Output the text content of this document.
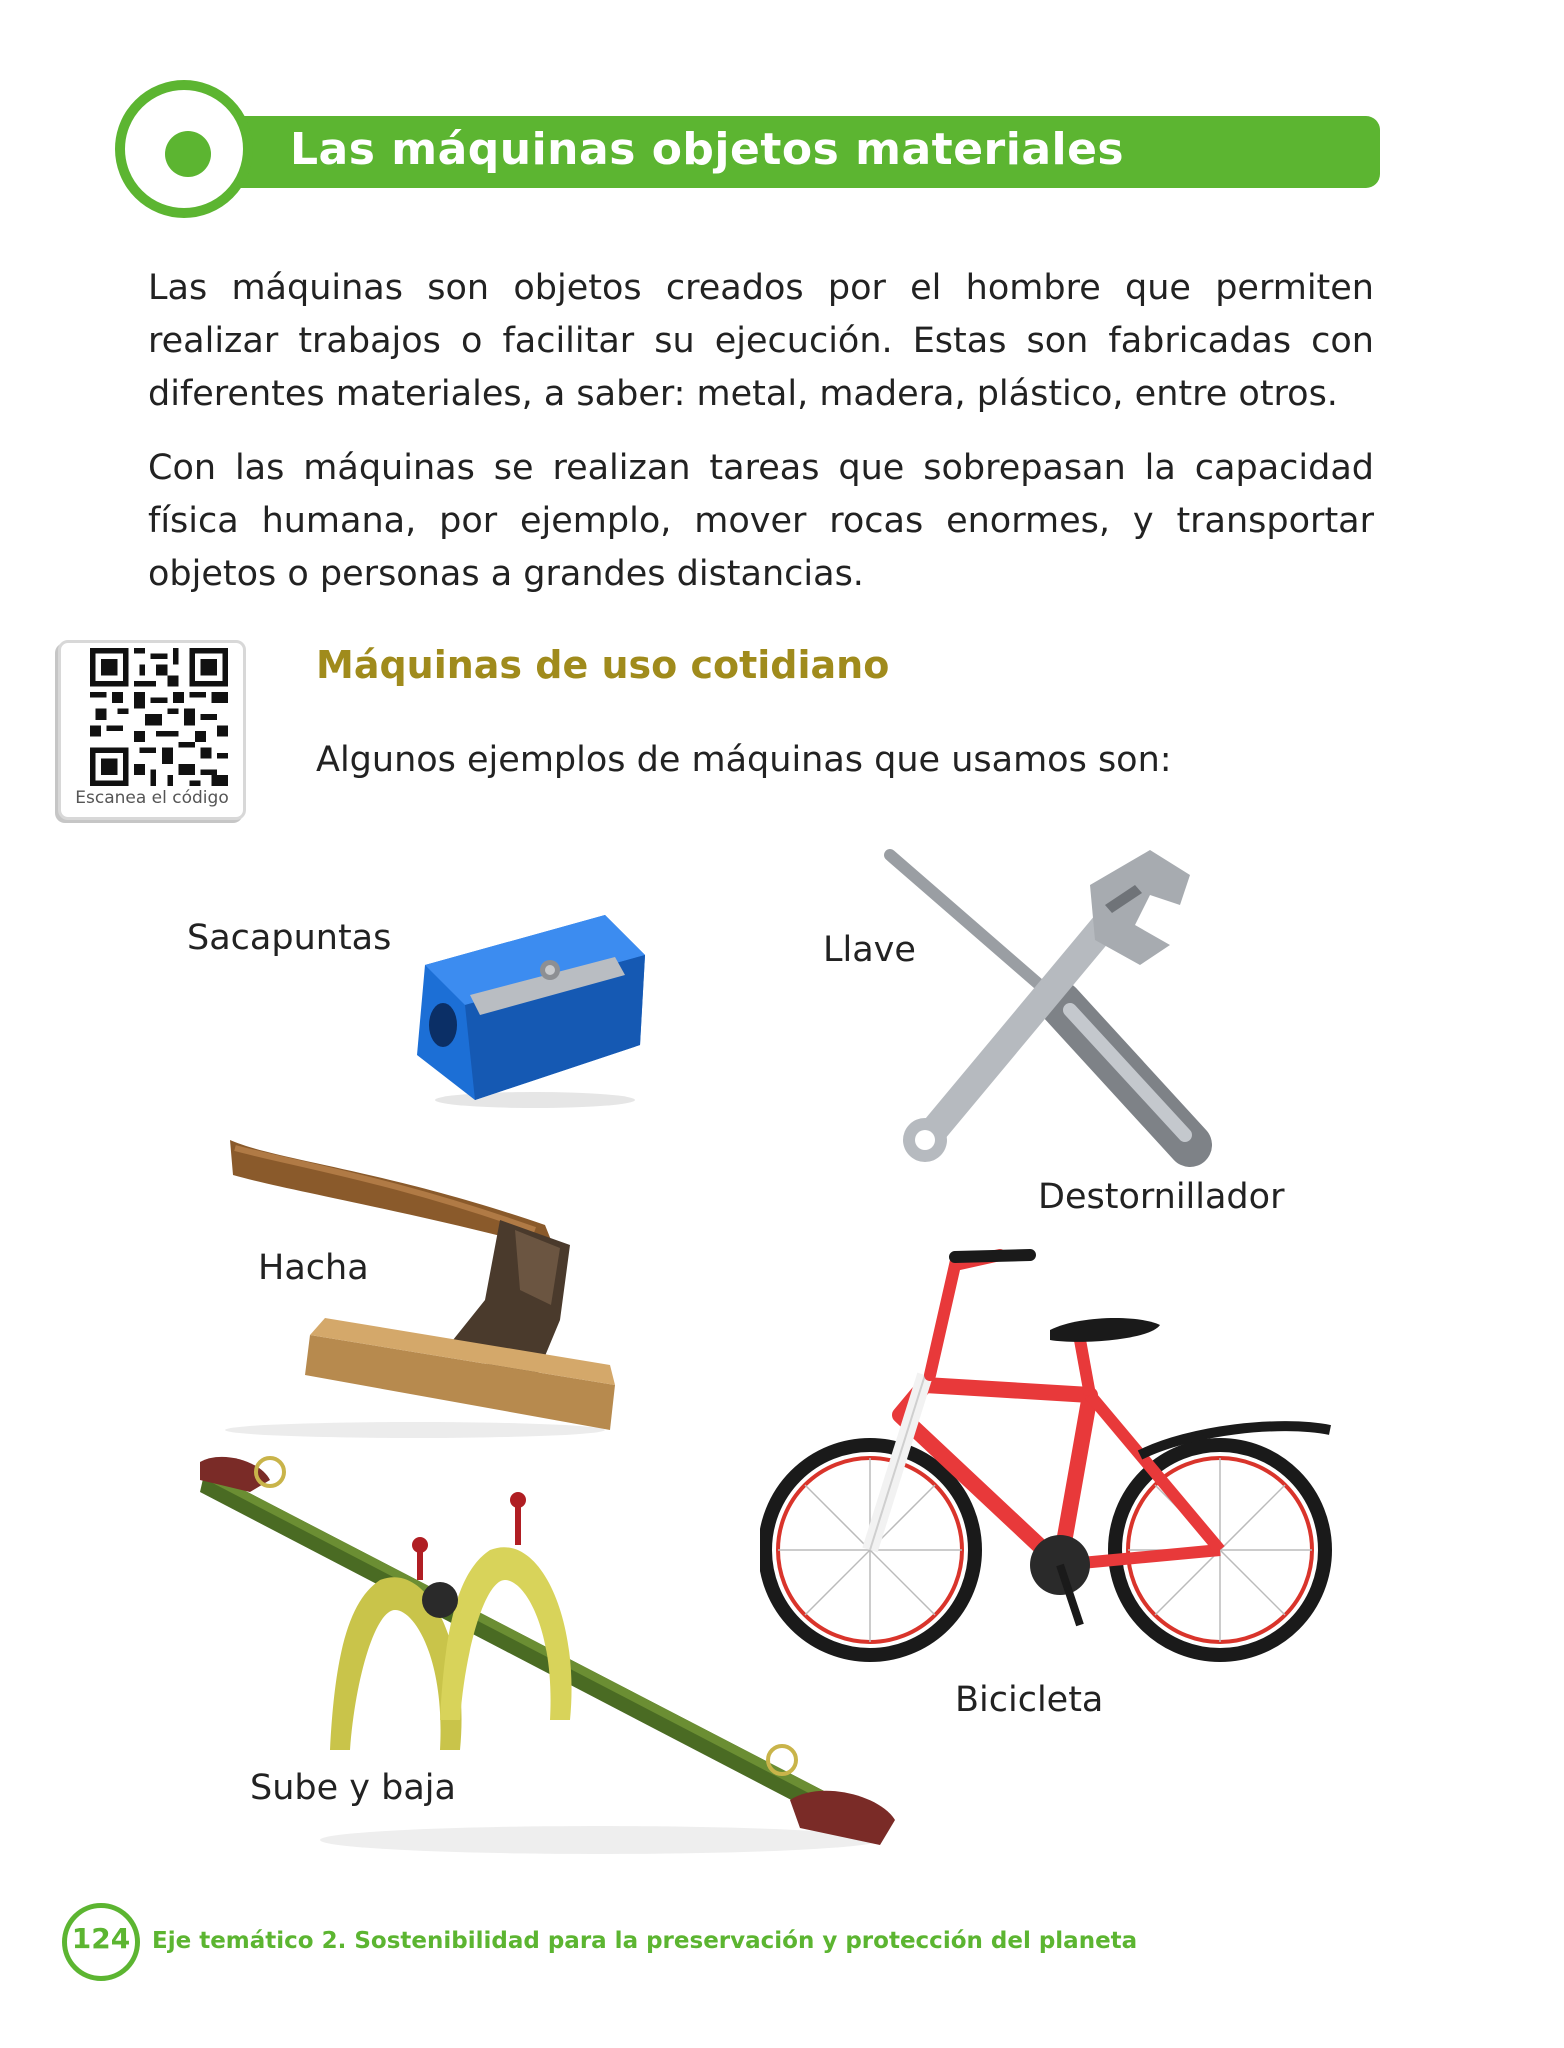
Las máquinas objetos materiales
Las máquinas son objetos creados por el hombre que permiten realizar trabajos o facilitar su ejecución. Estas son fabricadas con diferentes materiales, a saber: metal, madera, plástico, entre otros.
Con las máquinas se realizan tareas que sobrepasan la capacidad física humana, por ejemplo, mover rocas enormes, y transportar objetos o personas a grandes distancias.
Escanea el código
Máquinas de uso cotidiano
Algunos ejemplos de máquinas que usamos son:
Sacapuntas	Llave
Destornillador
Hacha
Bicicleta
Sube y baja
124 Eje temático 2. Sostenibilidad para la preservación y protección del planeta
